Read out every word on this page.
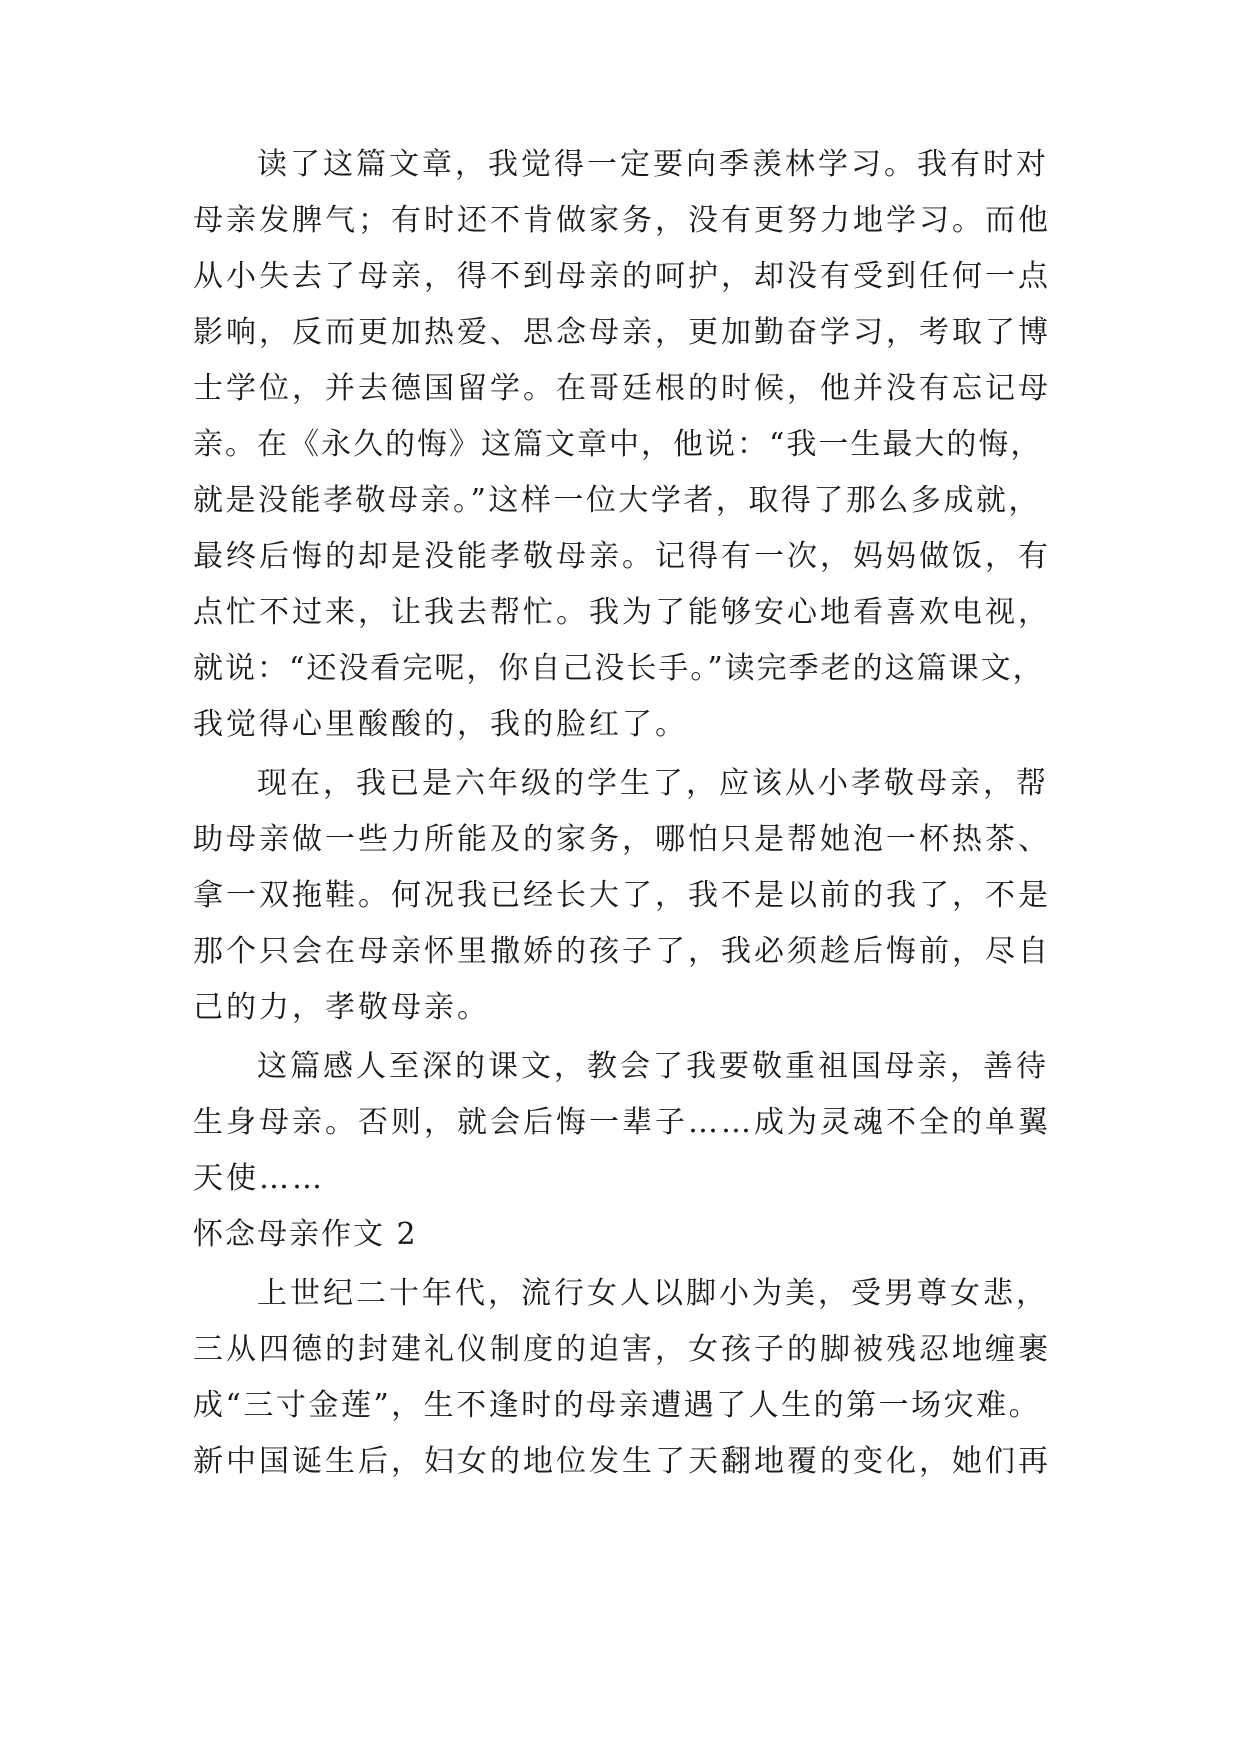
读了这篇文章，我觉得一定要向季羡林学习。我有时对

母亲发脾气；有时还不肯做家务，没有更努力地学习。而他

从小失去了母亲，得不到母亲的呵护，却没有受到任何一点

影响，反而更加热爱、思念母亲，更加勤奋学习，考取了博

士学位，并去德国留学。在哥廷根的时候，他并没有忘记母

亲。在《永久的悔》这篇文章中，他说：“我一生最大的悔，

就是没能孝敬母亲。”这样一位大学者，取得了那么多成就，

最终后悔的却是没能孝敬母亲。记得有一次，妈妈做饭，有

点忙不过来，让我去帮忙。我为了能够安心地看喜欢电视，

就说：“还没看完呢，你自己没长手。”读完季老的这篇课文，

我觉得心里酸酸的，我的脸红了。

现在，我已是六年级的学生了，应该从小孝敬母亲，帮

助母亲做一些力所能及的家务，哪怕只是帮她泡一杯热茶、

拿一双拖鞋。何况我已经长大了，我不是以前的我了，不是

那个只会在母亲怀里撒娇的孩子了，我必须趁后悔前，尽自

己的力，孝敬母亲。

这篇感人至深的课文，教会了我要敬重祖国母亲，善待

生身母亲。否则，就会后悔一辈子……成为灵魂不全的单翼

天使……

怀念母亲作文 2

上世纪二十年代，流行女人以脚小为美，受男尊女悲，

三从四德的封建礼仪制度的迫害，女孩子的脚被残忍地缠裹

成“三寸金莲”，生不逢时的母亲遭遇了人生的第一场灾难。

新中国诞生后，妇女的地位发生了天翻地覆的变化，她们再
